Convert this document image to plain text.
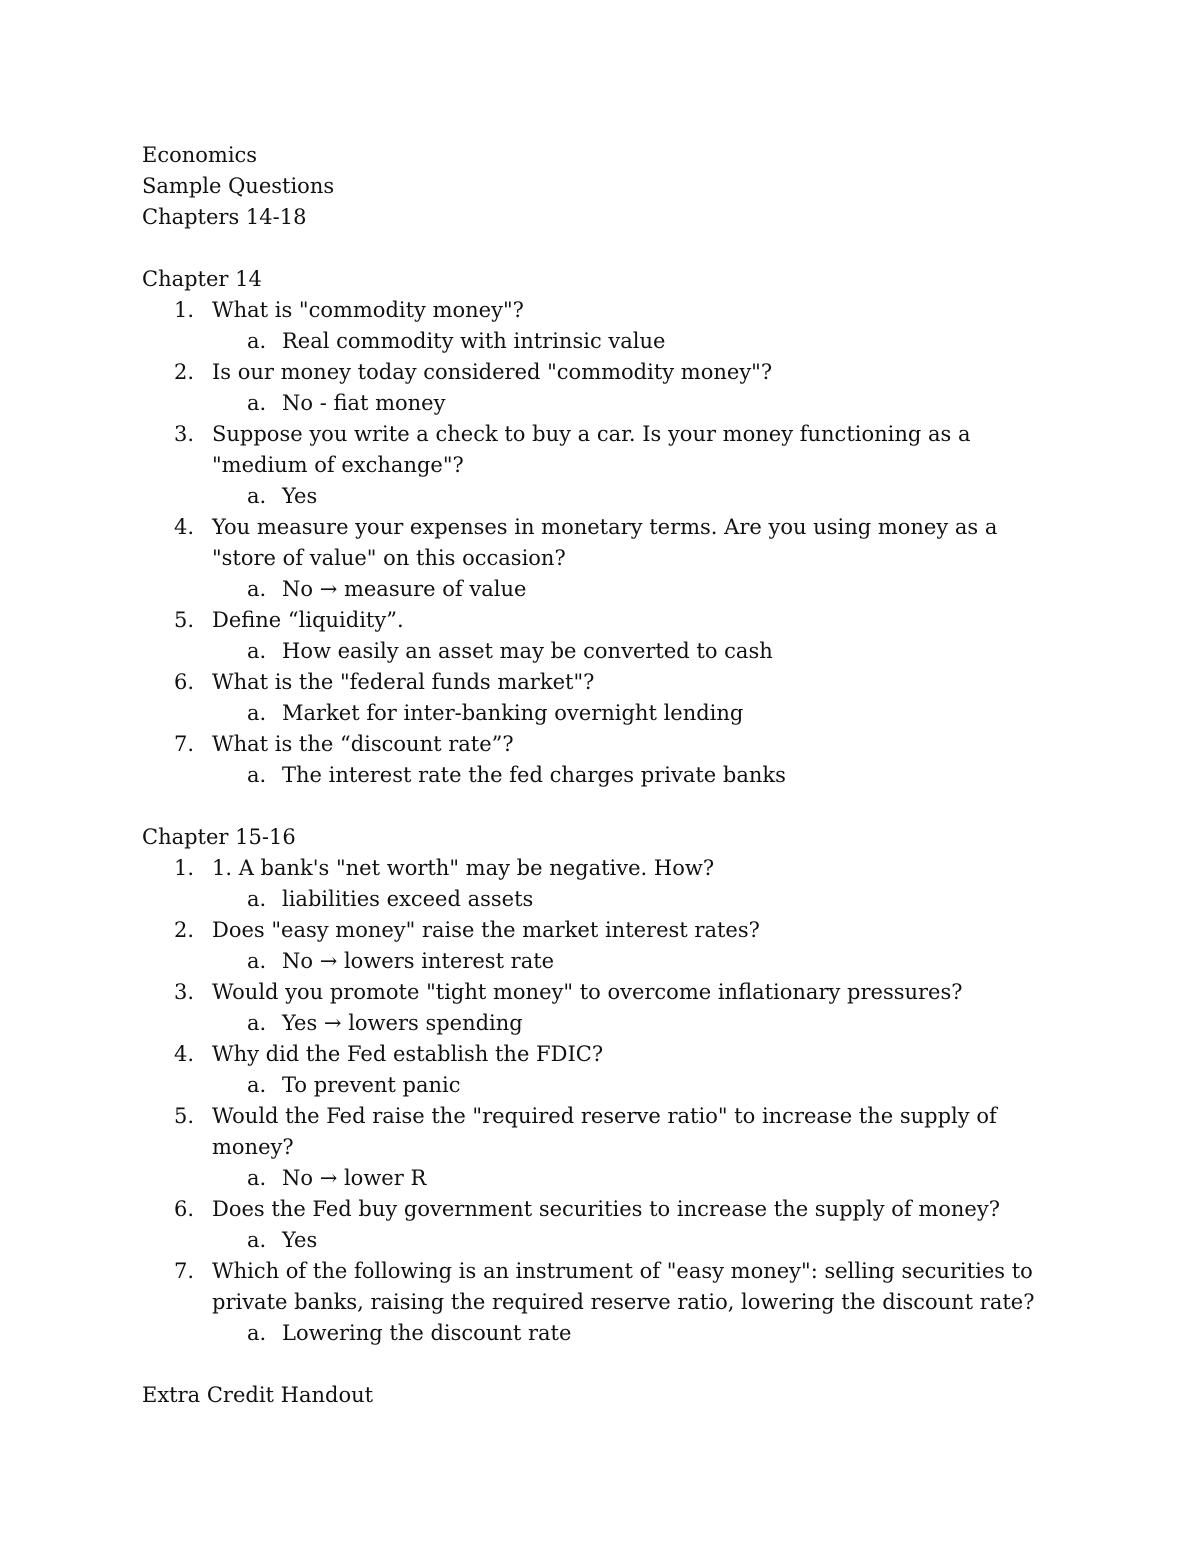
Economics
Sample Questions
Chapters 14-18
Chapter 14
1. What is "commodity money"?
a. Real commodity with intrinsic value
2. Is our money today considered "commodity money"?
a. No - fiat money
3. Suppose you write a check to buy a car. Is your money functioning as a "medium of exchange"?
a. Yes
4. You measure your expenses in monetary terms. Are you using money as a "store of value" on this occasion?
a. No → measure of value
5. Define “liquidity”.
a. How easily an asset may be converted to cash
6. What is the "federal funds market"?
a. Market for inter-banking overnight lending
7. What is the “discount rate”?
a. The interest rate the fed charges private banks
Chapter 15-16
1. 1. A bank's "net worth" may be negative. How?
a. liabilities exceed assets
2. Does "easy money" raise the market interest rates?
a. No → lowers interest rate
3. Would you promote "tight money" to overcome inflationary pressures?
a. Yes → lowers spending
4. Why did the Fed establish the FDIC?
a. To prevent panic
5. Would the Fed raise the "required reserve ratio" to increase the supply of money?
a. No → lower R
6. Does the Fed buy government securities to increase the supply of money?
a. Yes
7. Which of the following is an instrument of "easy money": selling securities to private banks, raising the required reserve ratio, lowering the discount rate?
a. Lowering the discount rate
Extra Credit Handout
